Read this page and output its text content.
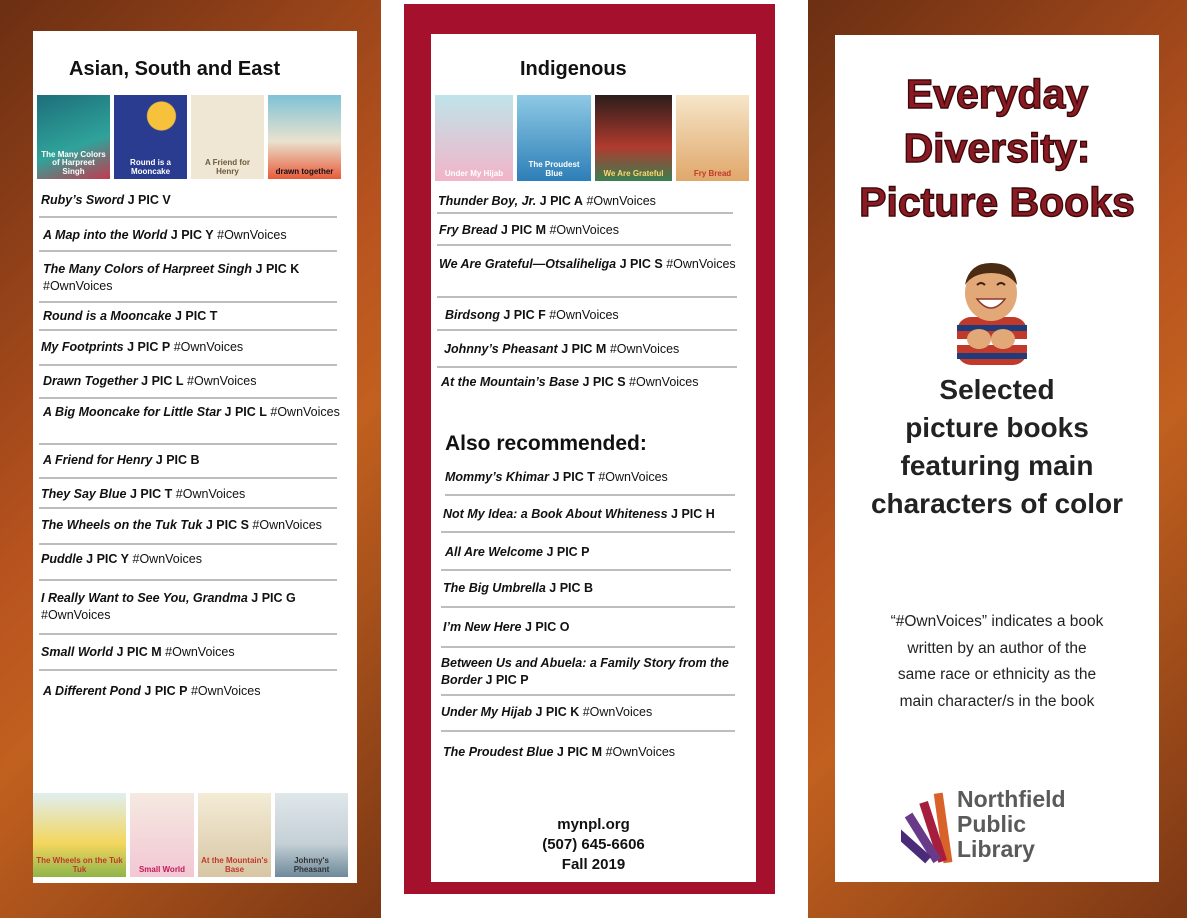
Asian, South and East
The Many Colors of Harpreet Singh
Round is a Mooncake
A Friend for Henry	drawn together
Ruby’s Sword J PIC V
A Map into the World J PIC Y #OwnVoices
The Many Colors of Harpreet Singh J PIC K #OwnVoices
Round is a Mooncake J PIC T
My Footprints J PIC P #OwnVoices
Drawn Together J PIC L #OwnVoices
A Big Mooncake for Little Star J PIC L #OwnVoices
A Friend for Henry J PIC B
They Say Blue J PIC T #OwnVoices
The Wheels on the Tuk Tuk J PIC S #OwnVoices
Puddle J PIC Y #OwnVoices
I Really Want to See You, Grandma J PIC G #OwnVoices
Small World J PIC M #OwnVoices
A Different Pond J PIC P #OwnVoices
The Wheels on the Tuk Tuk	Small World
At the Mountain's Base
Johnny's Pheasant
Indigenous
Under My Hijab
The Proudest Blue	We Are Grateful	Fry Bread
Thunder Boy, Jr. J PIC A #OwnVoices
Fry Bread J PIC M #OwnVoices
We Are Grateful—Otsaliheliga J PIC S #OwnVoices
Birdsong J PIC F #OwnVoices
Johnny’s Pheasant J PIC M #OwnVoices
At the Mountain’s Base J PIC S #OwnVoices
Also recommended:
Mommy’s Khimar J PIC T #OwnVoices
Not My Idea: a Book About Whiteness J PIC H
All Are Welcome J PIC P
The Big Umbrella J PIC B
I’m New Here J PIC O
Between Us and Abuela: a Family Story from the Border J PIC P
Under My Hijab J PIC K #OwnVoices
The Proudest Blue J PIC M #OwnVoices
mynpl.org
(507) 645-6606
Fall 2019
Everyday
Diversity:
Picture Books
Selected
picture books
featuring main
characters of color
“#OwnVoices” indicates a book
written by an author of the
same race or ethnicity as the
main character/s in the book
Northfield
Public
Library
